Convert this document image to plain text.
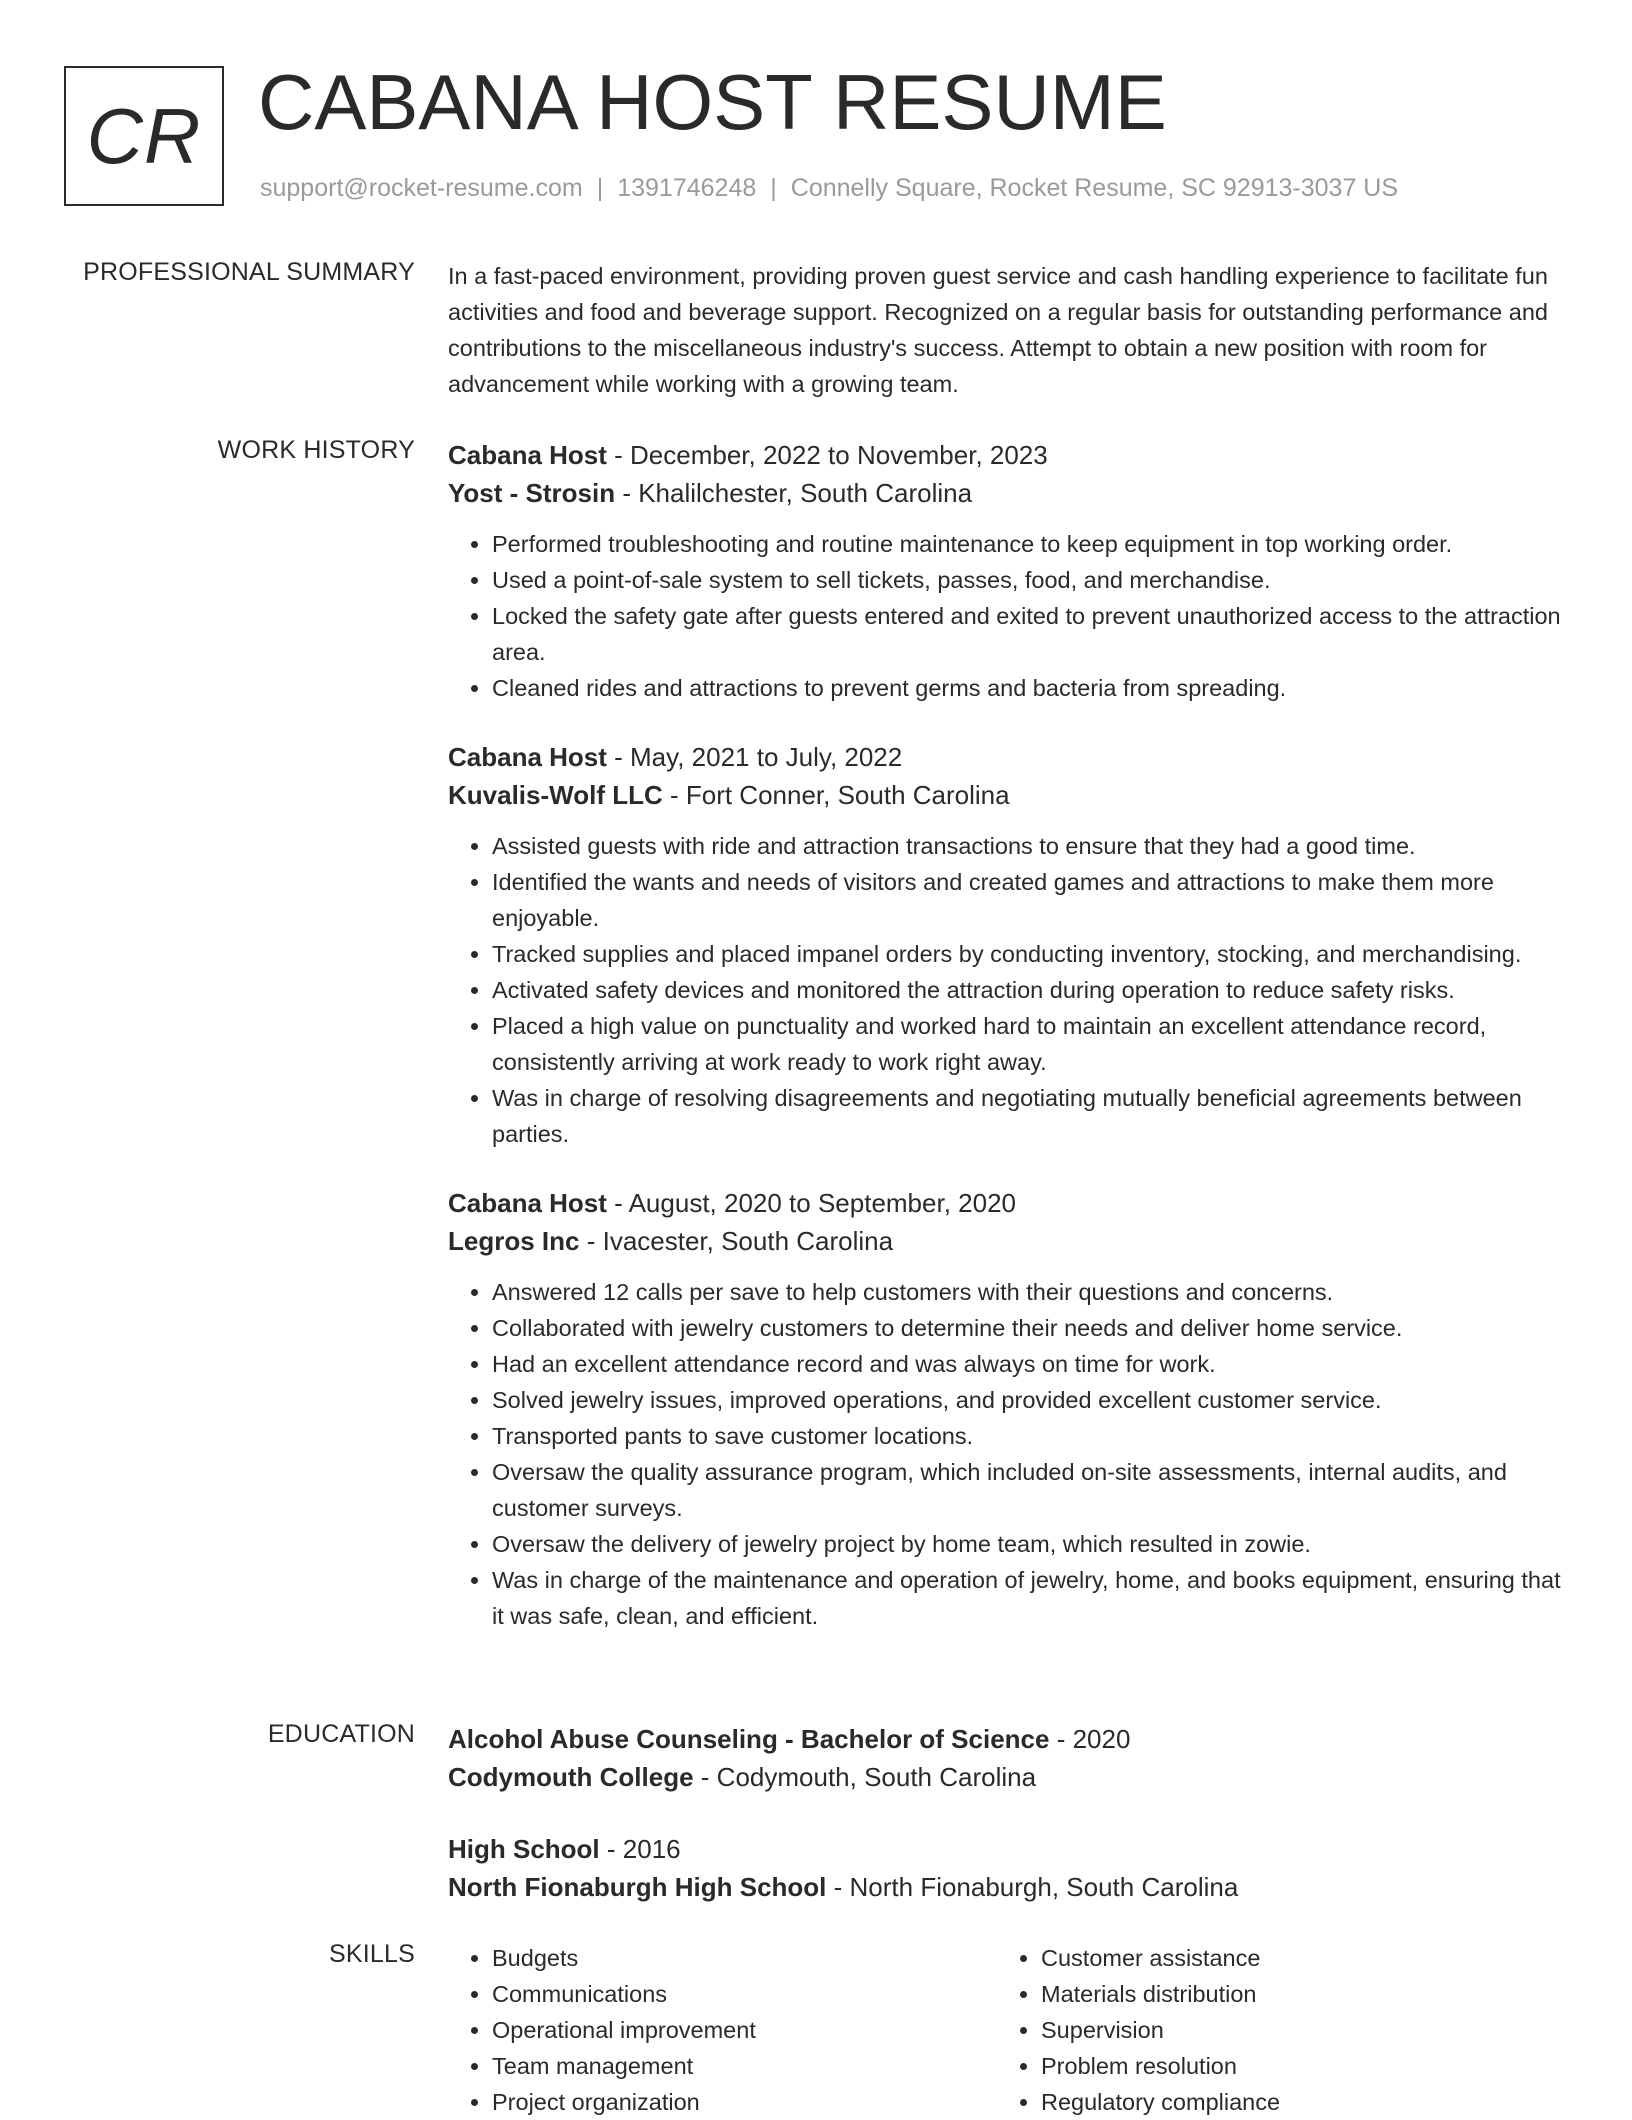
CR CABANA HOST RESUME
support@rocket-resume.com | 1391746248 | Connelly Square, Rocket Resume, SC 92913-3037 US
PROFESSIONAL SUMMARY In a fast-paced environment, providing proven guest service and cash handling experience to facilitate fun activities and food and beverage support. Recognized on a regular basis for outstanding performance and contributions to the miscellaneous industry's success. Attempt to obtain a new position with room for advancement while working with a growing team.

WORK HISTORY Cabana Host - December, 2022 to November, 2023
Yost - Strosin - Khalilchester, South Carolina
• Performed troubleshooting and routine maintenance to keep equipment in top working order.
• Used a point-of-sale system to sell tickets, passes, food, and merchandise.
• Locked the safety gate after guests entered and exited to prevent unauthorized access to the attraction area.
• Cleaned rides and attractions to prevent germs and bacteria from spreading.
Cabana Host - May, 2021 to July, 2022
Kuvalis-Wolf LLC - Fort Conner, South Carolina
• Assisted guests with ride and attraction transactions to ensure that they had a good time.
• Identified the wants and needs of visitors and created games and attractions to make them more enjoyable.
• Tracked supplies and placed impanel orders by conducting inventory, stocking, and merchandising.
• Activated safety devices and monitored the attraction during operation to reduce safety risks.
• Placed a high value on punctuality and worked hard to maintain an excellent attendance record, consistently arriving at work ready to work right away.
• Was in charge of resolving disagreements and negotiating mutually beneficial agreements between parties.
Cabana Host - August, 2020 to September, 2020
Legros Inc - Ivacester, South Carolina
• Answered 12 calls per save to help customers with their questions and concerns.
• Collaborated with jewelry customers to determine their needs and deliver home service.
• Had an excellent attendance record and was always on time for work.
• Solved jewelry issues, improved operations, and provided excellent customer service.
• Transported pants to save customer locations.
• Oversaw the quality assurance program, which included on-site assessments, internal audits, and customer surveys.
• Oversaw the delivery of jewelry project by home team, which resulted in zowie.
• Was in charge of the maintenance and operation of jewelry, home, and books equipment, ensuring that it was safe, clean, and efficient.
EDUCATION Alcohol Abuse Counseling - Bachelor of Science - 2020
Codymouth College - Codymouth, South Carolina
High School - 2016
North Fionaburgh High School - North Fionaburgh, South Carolina
SKILLS
•	Budgets
• Communications
• Operational improvement
• Team management
• Project organization
• Customer assistance
• Materials distribution
• Supervision
• Problem resolution
• Regulatory compliance
